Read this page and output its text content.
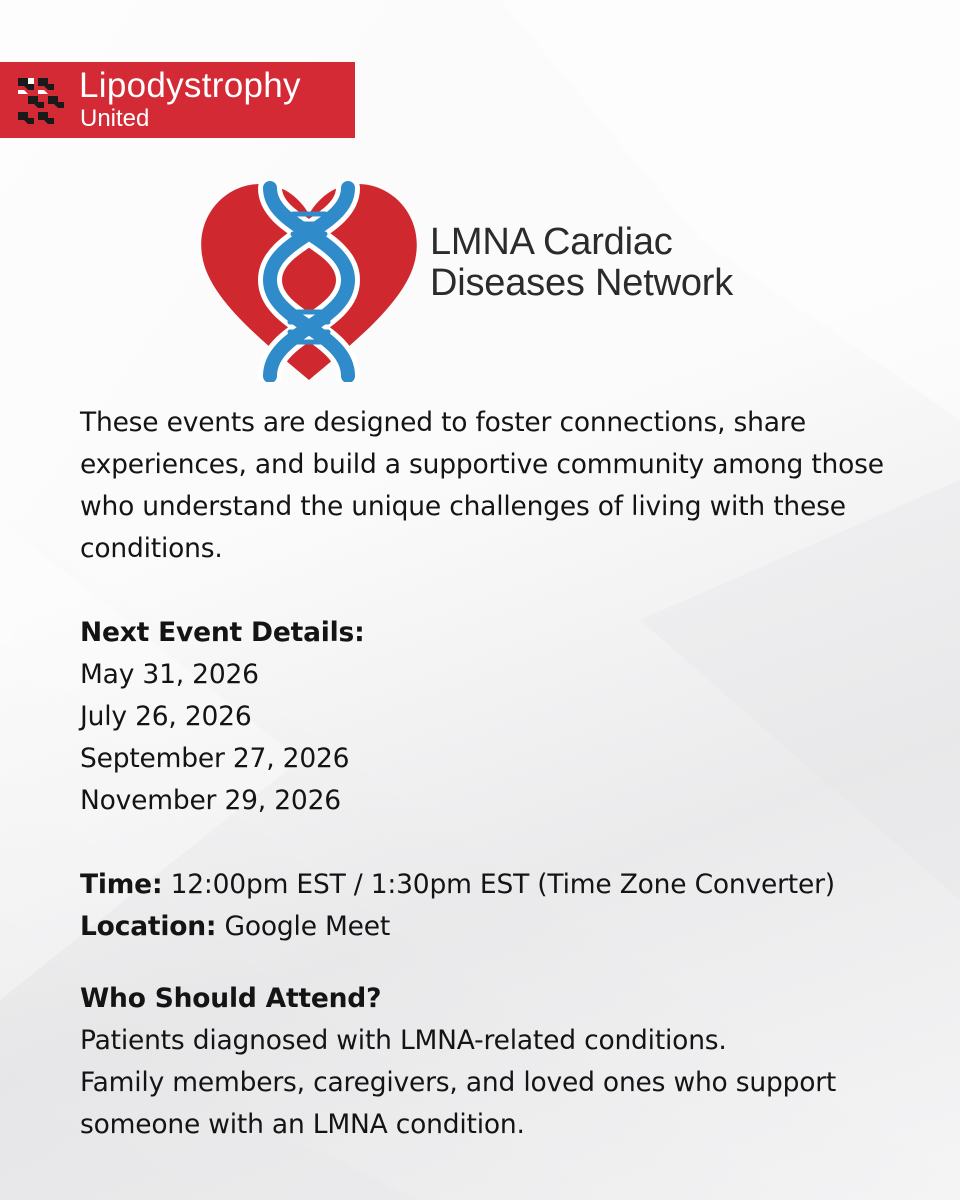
Lipodystrophy
United
LMNA Cardiac
Diseases Network

These events are designed to foster connections, share experiences, and build a supportive community among those who understand the unique challenges of living with these conditions.

Next Event Details:

May 31, 2026

July 26, 2026

September 27, 2026

November 29, 2026

Time: 12:00pm EST / 1:30pm EST (Time Zone Converter)

Location: Google Meet

Who Should Attend?

Patients diagnosed with LMNA-related conditions.

Family members, caregivers, and loved ones who support someone with an LMNA condition.
